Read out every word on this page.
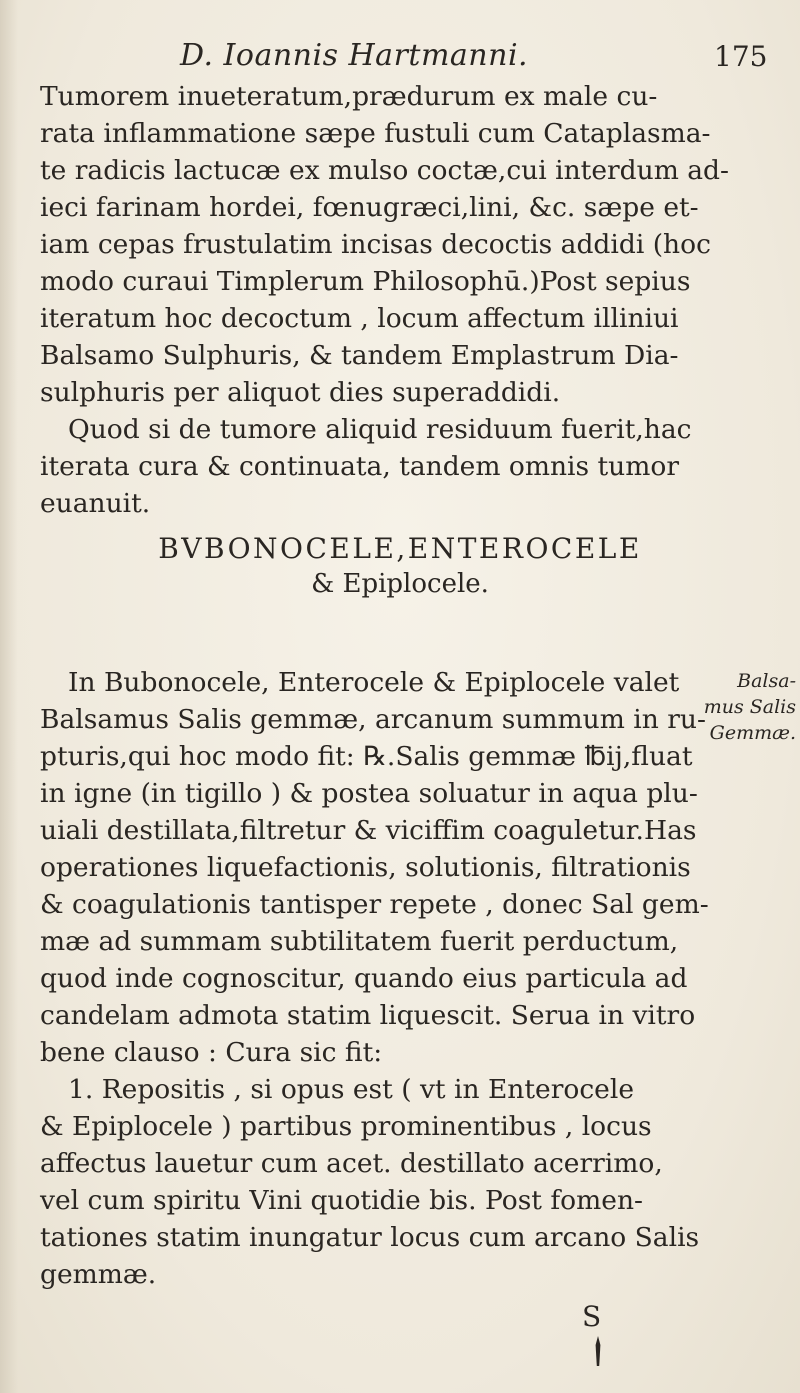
D. Ioannis Hartmanni.	175
Tumorem inueteratum,prædurum ex male cu-
rata inflammatione sæpe fustuli cum Cataplasma-
te radicis lactucæ ex mulso coctæ,cui interdum ad-
ieci farinam hordei, fœnugræci,lini, &c. sæpe et-
iam cepas frustulatim incisas decoctis addidi (hoc
modo curaui Timplerum Philosophū.)Post sepius
iteratum hoc decoctum , locum affectum illiniui
Balsamo Sulphuris, & tandem Emplastrum Dia-
sulphuris per aliquot dies superaddidi.
Quod si de tumore aliquid residuum fuerit,hac
iterata cura & continuata, tandem omnis tumor
euanuit.
BVBONOCELE,ENTEROCELE
& Epiplocele.
In Bubonocele, Enterocele & Epiplocele valet
Balsamus Salis gemmæ, arcanum summum in ru-
pturis,qui hoc modo fit: ℞.Salis gemmæ ℔ij,fluat
in igne (in tigillo ) & postea soluatur in aqua plu-
uiali destillata,filtretur & viciffim coaguletur.Has
operationes liquefactionis, solutionis, filtrationis
& coagulationis tantisper repete , donec Sal gem-
mæ ad summam subtilitatem fuerit perductum,
quod inde cognoscitur, quando eius particula ad
candelam admota statim liquescit. Serua in vitro
bene clauso : Cura sic fit:
Balsa-
mus Salis
Gemmæ.
1. Repositis , si opus est ( vt in Enterocele
& Epiplocele ) partibus prominentibus , locus
affectus lauetur cum acet. destillato acerrimo,
vel cum spiritu Vini quotidie bis. Post fomen-
tationes statim inungatur locus cum arcano Salis
gemmæ.
S
